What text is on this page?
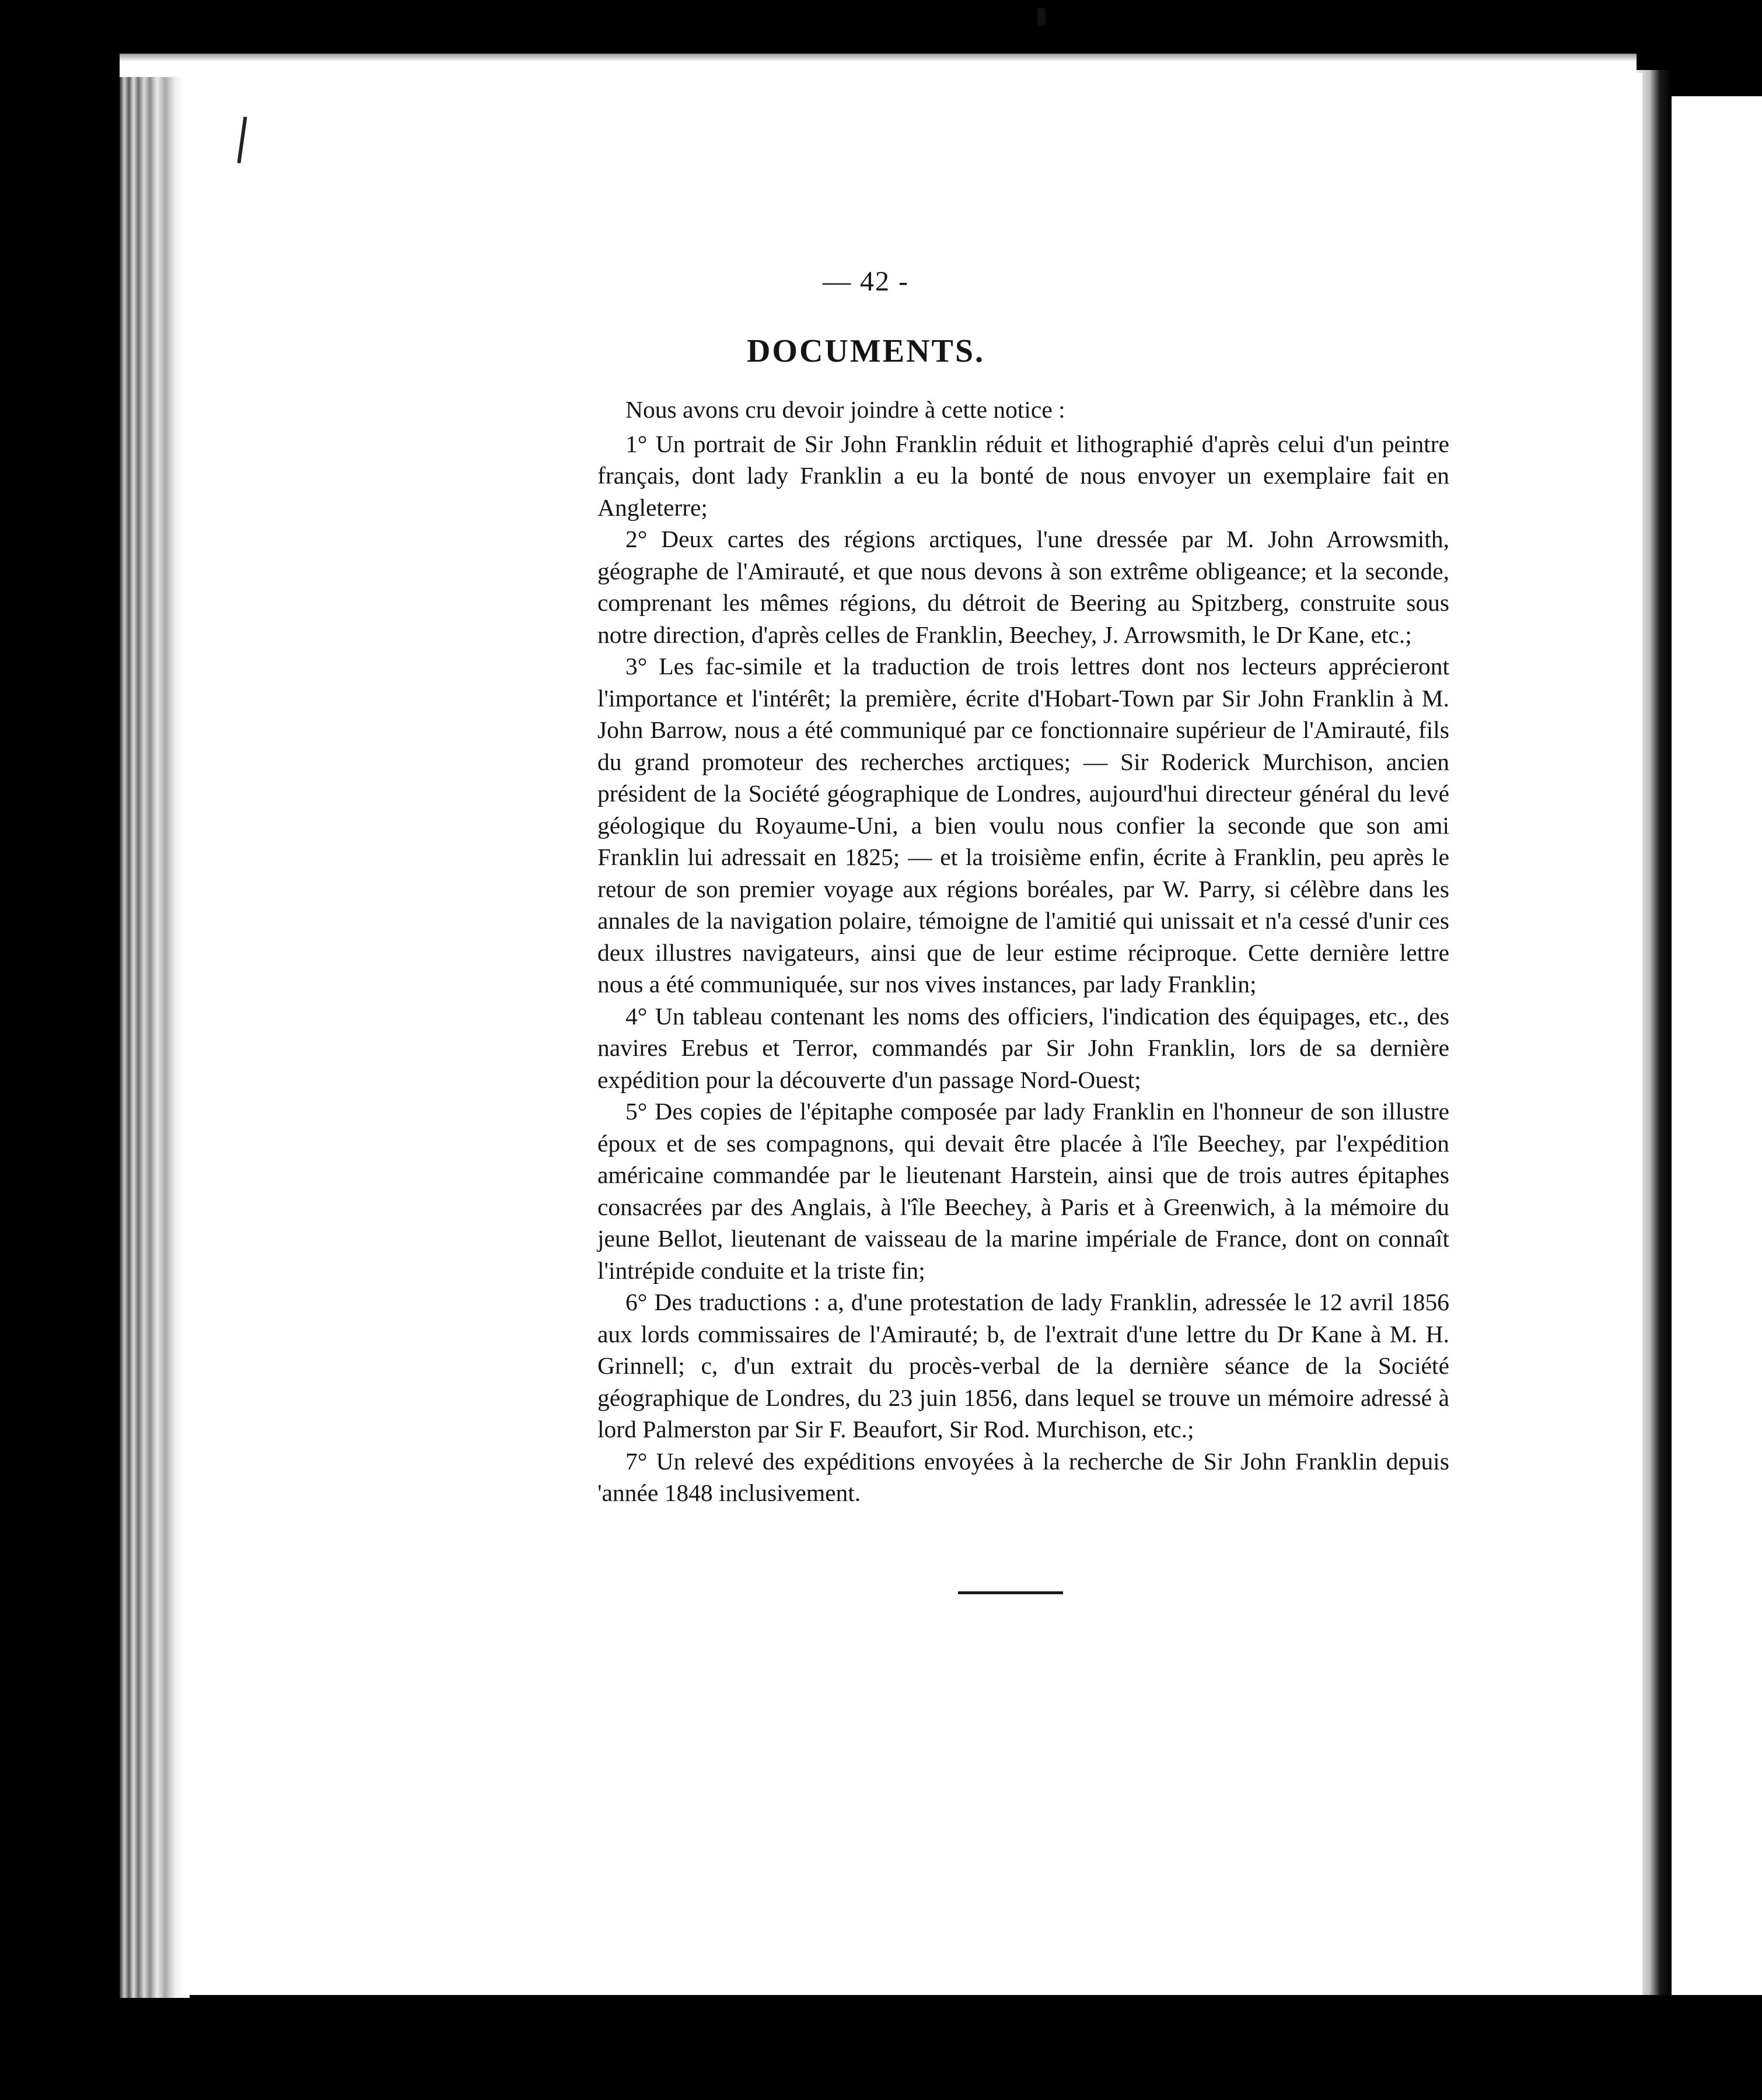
— 42 -
DOCUMENTS.

Nous avons cru devoir joindre à cette notice :

1° Un portrait de Sir John Franklin réduit et lithographié d'après celui d'un peintre français, dont lady Franklin a eu la bonté de nous envoyer un exemplaire fait en Angleterre;

2° Deux cartes des régions arctiques, l'une dressée par M. John Arrowsmith, géographe de l'Amirauté, et que nous devons à son extrême obligeance; et la seconde, comprenant les mêmes régions, du détroit de Beering au Spitzberg, construite sous notre direction, d'après celles de Franklin, Beechey, J. Arrowsmith, le Dr Kane, etc.;

3° Les fac-simile et la traduction de trois lettres dont nos lecteurs apprécieront l'importance et l'intérêt; la première, écrite d'Hobart-Town par Sir John Franklin à M. John Barrow, nous a été communiqué par ce fonctionnaire supérieur de l'Amirauté, fils du grand promoteur des recherches arctiques; — Sir Roderick Murchison, ancien président de la Société géographique de Londres, aujourd'hui directeur général du levé géologique du Royaume-Uni, a bien voulu nous confier la seconde que son ami Franklin lui adressait en 1825; — et la troisième enfin, écrite à Franklin, peu après le retour de son premier voyage aux régions boréales, par W. Parry, si célèbre dans les annales de la navigation polaire, témoigne de l'amitié qui unissait et n'a cessé d'unir ces deux illustres navigateurs, ainsi que de leur estime réciproque. Cette dernière lettre nous a été communiquée, sur nos vives instances, par lady Franklin;

4° Un tableau contenant les noms des officiers, l'indication des équipages, etc., des navires Erebus et Terror, commandés par Sir John Franklin, lors de sa dernière expédition pour la découverte d'un passage Nord-Ouest;

5° Des copies de l'épitaphe composée par lady Franklin en l'honneur de son illustre époux et de ses compagnons, qui devait être placée à l'île Beechey, par l'expédition américaine commandée par le lieutenant Harstein, ainsi que de trois autres épitaphes consacrées par des Anglais, à l'île Beechey, à Paris et à Greenwich, à la mémoire du jeune Bellot, lieutenant de vaisseau de la marine impériale de France, dont on connaît l'intrépide conduite et la triste fin;

6° Des traductions : a, d'une protestation de lady Franklin, adressée le 12 avril 1856 aux lords commissaires de l'Amirauté; b, de l'extrait d'une lettre du Dr Kane à M. H. Grinnell; c, d'un extrait du procès-verbal de la dernière séance de la Société géographique de Londres, du 23 juin 1856, dans lequel se trouve un mémoire adressé à lord Palmerston par Sir F. Beaufort, Sir Rod. Murchison, etc.;

7° Un relevé des expéditions envoyées à la recherche de Sir John Franklin depuis 'année 1848 inclusivement.
